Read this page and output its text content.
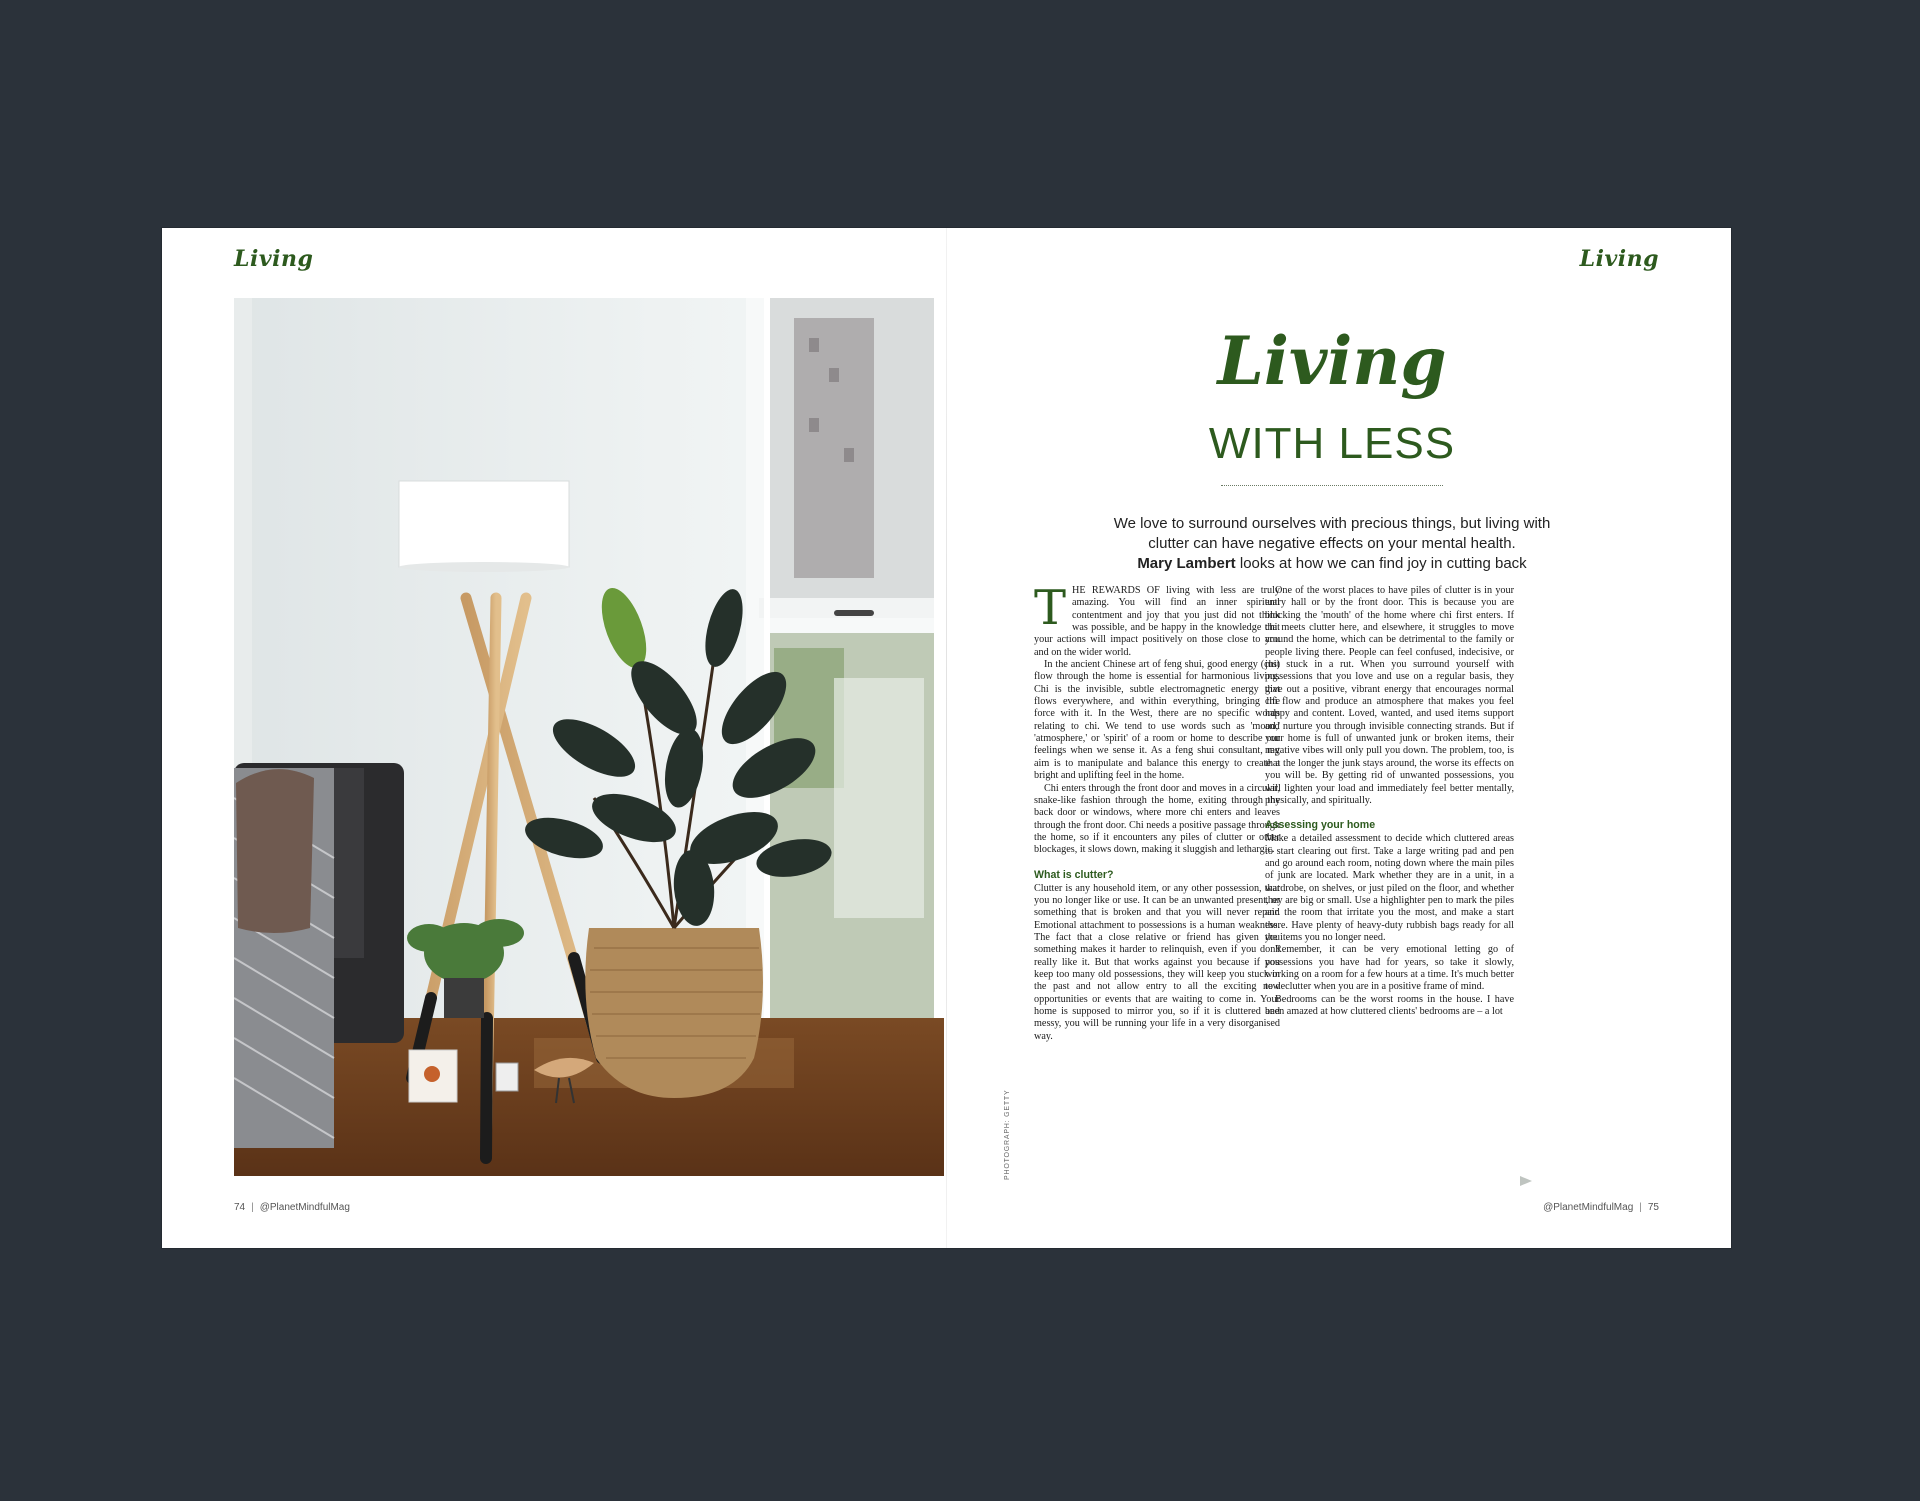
Living	Living
PHOTOGRAPH: GETTY
74 | @PlanetMindfulMag	@PlanetMindfulMag | 75
Living
WITH LESS
We love to surround ourselves with precious things, but living with clutter can have negative effects on your mental health.
Mary Lambert looks at how we can find joy in cutting back

THE REWARDS OF living with less are truly amazing. You will find an inner spiritual contentment and joy that you just did not think was possible, and be happy in the knowledge that your actions will impact positively on those close to you and on the wider world.

In the ancient Chinese art of feng shui, good energy (chi) flow through the home is essential for harmonious living. Chi is the invisible, subtle electromagnetic energy that flows everywhere, and within everything, bringing life force with it. In the West, there are no specific words relating to chi. We tend to use words such as 'mood,' 'atmosphere,' or 'spirit' of a room or home to describe our feelings when we sense it. As a feng shui consultant, my aim is to manipulate and balance this energy to create a bright and uplifting feel in the home.

Chi enters through the front door and moves in a circular, snake-like fashion through the home, exiting through the back door or windows, where more chi enters and leaves through the front door. Chi needs a positive passage through the home, so if it encounters any piles of clutter or other blockages, it slows down, making it sluggish and lethargic.

What is clutter?

Clutter is any household item, or any other possession, that you no longer like or use. It can be an unwanted present, or something that is broken and that you will never repair. Emotional attachment to possessions is a human weakness. The fact that a close relative or friend has given you something makes it harder to relinquish, even if you don't really like it. But that works against you because if you keep too many old possessions, they will keep you stuck in the past and not allow entry to all the exciting new opportunities or events that are waiting to come in. Your home is supposed to mirror you, so if it is cluttered and messy, you will be running your life in a very disorganised way.

One of the worst places to have piles of clutter is in your entry hall or by the front door. This is because you are blocking the 'mouth' of the home where chi first enters. If chi meets clutter here, and elsewhere, it struggles to move around the home, which can be detrimental to the family or people living there. People can feel confused, indecisive, or just stuck in a rut. When you surround yourself with possessions that you love and use on a regular basis, they give out a positive, vibrant energy that encourages normal chi flow and produce an atmosphere that makes you feel happy and content. Loved, wanted, and used items support and nurture you through invisible connecting strands. But if your home is full of unwanted junk or broken items, their negative vibes will only pull you down. The problem, too, is that the longer the junk stays around, the worse its effects on you will be. By getting rid of unwanted possessions, you will lighten your load and immediately feel better mentally, physically, and spiritually.

Assessing your home

Make a detailed assessment to decide which cluttered areas to start clearing out first. Take a large writing pad and pen and go around each room, noting down where the main piles of junk are located. Mark whether they are in a unit, in a wardrobe, on shelves, or just piled on the floor, and whether they are big or small. Use a highlighter pen to mark the piles and the room that irritate you the most, and make a start there. Have plenty of heavy-duty rubbish bags ready for all the items you no longer need.

Remember, it can be very emotional letting go of possessions you have had for years, so take it slowly, working on a room for a few hours at a time. It's much better to declutter when you are in a positive frame of mind.

Bedrooms can be the worst rooms in the house. I have been amazed at how cluttered clients' bedrooms are – a lot
